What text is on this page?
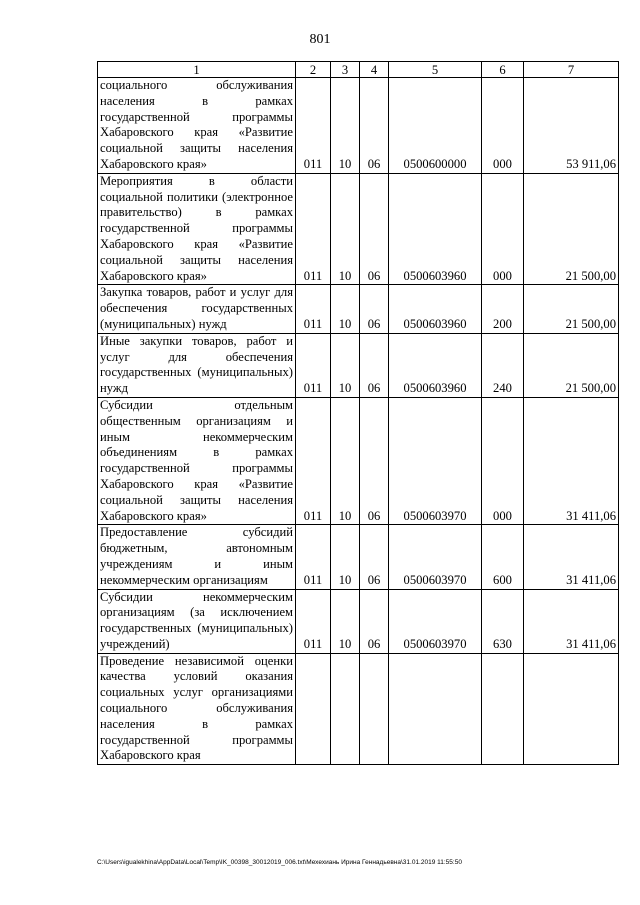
801
1	2	3	4	5	6	7
социального обслуживания населения в рамках государственной программы Хабаровского края «Развитие социальной защиты населения Хабаровского края»	011	10	06	0500600000	000	53 911,06
Мероприятия в области социальной политики (электронное правительство) в рамках государственной программы Хабаровского края «Развитие социальной защиты населения Хабаровского края»	011	10	06	0500603960	000	21 500,00
Закупка товаров, работ и услуг для обеспечения государственных (муниципальных) нужд	011	10	06	0500603960	200	21 500,00
Иные закупки товаров, работ и услуг для обеспечения государственных (муниципальных) нужд	011	10	06	0500603960	240	21 500,00
Субсидии отдельным общественным организациям и иным некоммерческим объединениям в рамках государственной программы Хабаровского края «Развитие социальной защиты населения Хабаровского края»	011	10	06	0500603970	000	31 411,06
Предоставление субсидий бюджетным, автономным учреждениям и иным некоммерческим организациям	011	10	06	0500603970	600	31 411,06
Субсидии некоммерческим организациям (за исключением государственных (муниципальных) учреждений)	011	10	06	0500603970	630	31 411,06
Проведение независимой оценки качества условий оказания социальных услуг организациями социального обслуживания населения в рамках государственной программы Хабаровского края						
C:\Users\igualekhina\AppData\Local\Temp\IK_00398_30012019_006.txt\Мехехиань Ирина Геннадьевна\31.01.2019 11:55:50
